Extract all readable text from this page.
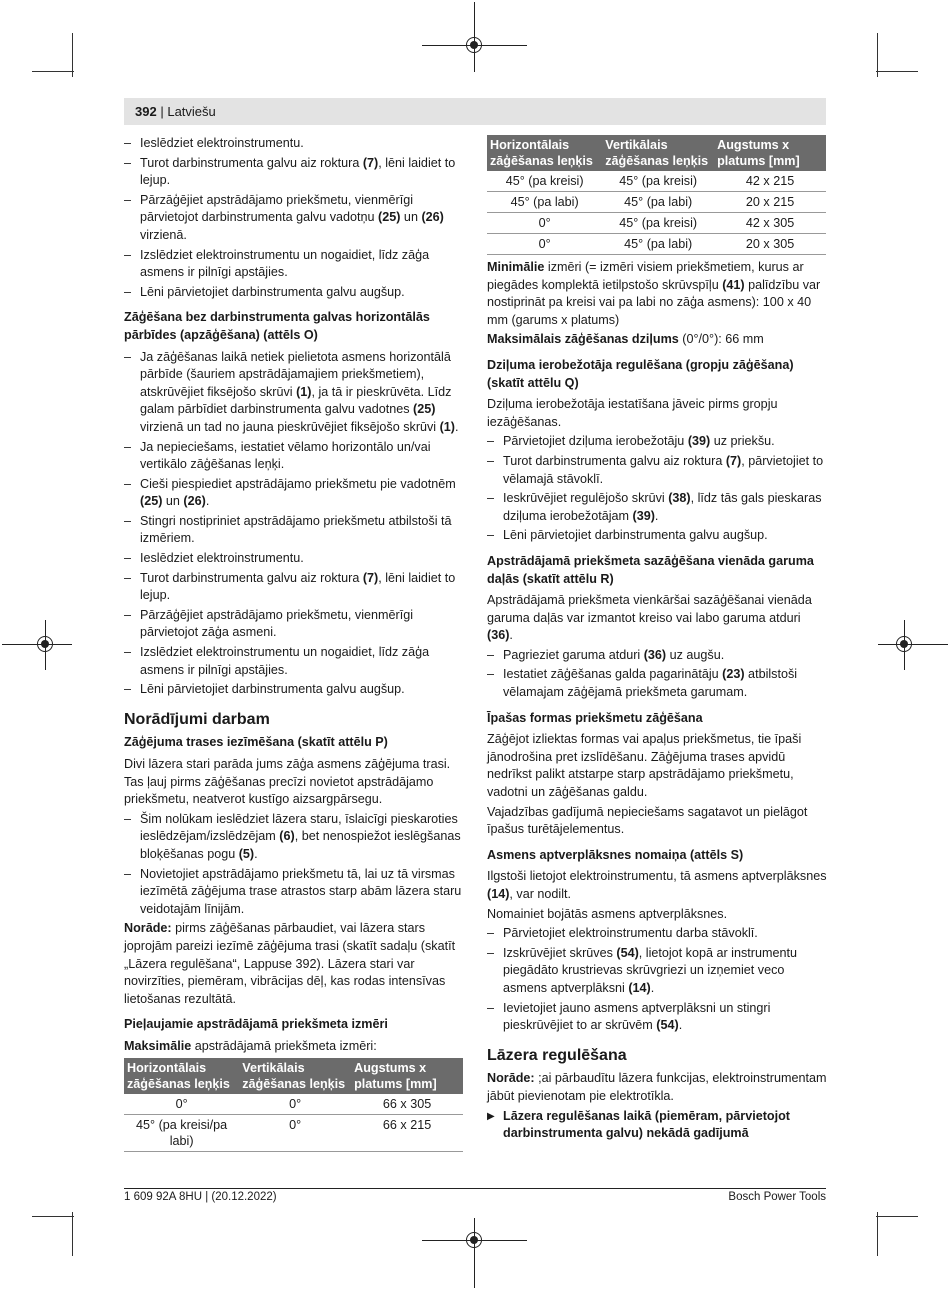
392 | Latviešu
– Ieslēdziet elektroinstrumentu.
– Turot darbinstrumenta galvu aiz roktura (7), lēni laidiet to lejup.
– Pārzāģējiet apstrādājamo priekšmetu, vienmērīgi pārvietojot darbinstrumenta galvu vadotņu (25) un (26) virzienā.
– Izslēdziet elektroinstrumentu un nogaidiet, līdz zāģa asmens ir pilnīgi apstājies.
– Lēni pārvietojiet darbinstrumenta galvu augšup.
Zāģēšana bez darbinstrumenta galvas horizontālās pārbīdes (apzāģēšana) (attēls O)
– Ja zāģēšanas laikā netiek pielietota asmens horizontālā pārbīde (šauriem apstrādājamajiem priekšmetiem), atskrūvējiet fiksējošo skrūvi (1), ja tā ir pieskrūvēta. Līdz galam pārbīdiet darbinstrumenta galvu vadotnes (25) virzienā un tad no jauna pieskrūvējiet fiksējošo skrūvi (1).
– Ja nepieciešams, iestatiet vēlamo horizontālo un/vai vertikālo zāģēšanas leņķi.
– Cieši piespiediet apstrādājamo priekšmetu pie vadotnēm (25) un (26).
– Stingri nostipriniet apstrādājamo priekšmetu atbilstoši tā izmēriem.
– Ieslēdziet elektroinstrumentu.
– Turot darbinstrumenta galvu aiz roktura (7), lēni laidiet to lejup.
– Pārzāģējiet apstrādājamo priekšmetu, vienmērīgi pārvietojot zāģa asmeni.
– Izslēdziet elektroinstrumentu un nogaidiet, līdz zāģa asmens ir pilnīgi apstājies.
– Lēni pārvietojiet darbinstrumenta galvu augšup.
Norādījumi darbam
Zāģējuma trases iezīmēšana (skatīt attēlu P)

Divi lāzera stari parāda jums zāģa asmens zāģējuma trasi. Tas ļauj pirms zāģēšanas precīzi novietot apstrādājamo priekšmetu, neatverot kustīgo aizsargpārsegu.

– Šim nolūkam ieslēdziet lāzera staru, īslaicīgi pieskaroties ieslēdzējam/izslēdzējam (6), bet nenospiežot ieslēgšanas bloķēšanas pogu (5).
– Novietojiet apstrādājamo priekšmetu tā, lai uz tā virsmas iezīmētā zāģējuma trase atrastos starp abām lāzera staru veidotajām līnijām.

Norāde: pirms zāģēšanas pārbaudiet, vai lāzera stars joprojām pareizi iezīmē zāģējuma trasi (skatīt sadaļu (skatīt „Lāzera regulēšana“, Lappuse 392). Lāzera stari var novirzīties, piemēram, vibrācijas dēļ, kas rodas intensīvas lietošanas rezultātā.

Pieļaujamie apstrādājamā priekšmeta izmēri

Maksimālie apstrādājamā priekšmeta izmēri:

Horizontālais zāģēšanas leņķis	Vertikālais zāģēšanas leņķis	Augstums x platums [mm]
0°	0°	66 x 305
45° (pa kreisi/pa labi)	0°	66 x 215
Horizontālais zāģēšanas leņķis	Vertikālais zāģēšanas leņķis	Augstums x platums [mm]
45° (pa kreisi)	45° (pa kreisi)	42 x 215
45° (pa labi)	45° (pa labi)	20 x 215
0°	45° (pa kreisi)	42 x 305
0°	45° (pa labi)	20 x 305

Minimālie izmēri (= izmēri visiem priekšmetiem, kurus ar piegādes komplektā ietilpstošo skrūvspīļu (41) palīdzību var nostiprināt pa kreisi vai pa labi no zāģa asmens): 100 x 40 mm (garums x platums)

Maksimālais zāģēšanas dziļums (0°/0°): 66 mm

Dziļuma ierobežotāja regulēšana (gropju zāģēšana) (skatīt attēlu Q)

Dziļuma ierobežotāja iestatīšana jāveic pirms gropju iezāģēšanas.

– Pārvietojiet dziļuma ierobežotāju (39) uz priekšu.
– Turot darbinstrumenta galvu aiz roktura (7), pārvietojiet to vēlamajā stāvoklī.
– Ieskrūvējiet regulējošo skrūvi (38), līdz tās gals pieskaras dziļuma ierobežotājam (39).
– Lēni pārvietojiet darbinstrumenta galvu augšup.
Apstrādājamā priekšmeta sazāģēšana vienāda garuma daļās (skatīt attēlu R)

Apstrādājamā priekšmeta vienkāršai sazāģēšanai vienāda garuma daļās var izmantot kreiso vai labo garuma atduri (36).

– Pagrieziet garuma atduri (36) uz augšu.
– Iestatiet zāģēšanas galda pagarinātāju (23) atbilstoši vēlamajam zāģējamā priekšmeta garumam.
Īpašas formas priekšmetu zāģēšana

Zāģējot izliektas formas vai apaļus priekšmetus, tie īpaši jānodrošina pret izslīdēšanu. Zāģējuma trases apvidū nedrīkst palikt atstarpe starp apstrādājamo priekšmetu, vadotni un zāģēšanas galdu.

Vajadzības gadījumā nepieciešams sagatavot un pielāgot īpašus turētājelementus.

Asmens aptverplāksnes nomaiņa (attēls S)

Ilgstoši lietojot elektroinstrumentu, tā asmens aptverplāksnes (14), var nodilt.

Nomainiet bojātās asmens aptverplāksnes.

– Pārvietojiet elektroinstrumentu darba stāvoklī.
– Izskrūvējiet skrūves (54), lietojot kopā ar instrumentu piegādāto krustrievas skrūvgriezi un izņemiet veco asmens aptverplāksni (14).
– Ievietojiet jauno asmens aptverplāksni un stingri pieskrūvējiet to ar skrūvēm (54).
Lāzera regulēšana

Norāde: ;ai pārbaudītu lāzera funkcijas, elektroinstrumentam jābūt pievienotam pie elektrotīkla.

▶ Lāzera regulēšanas laikā (piemēram, pārvietojot darbinstrumenta galvu) nekādā gadījumā
1 609 92A 8HU | (20.12.2022)	Bosch Power Tools
